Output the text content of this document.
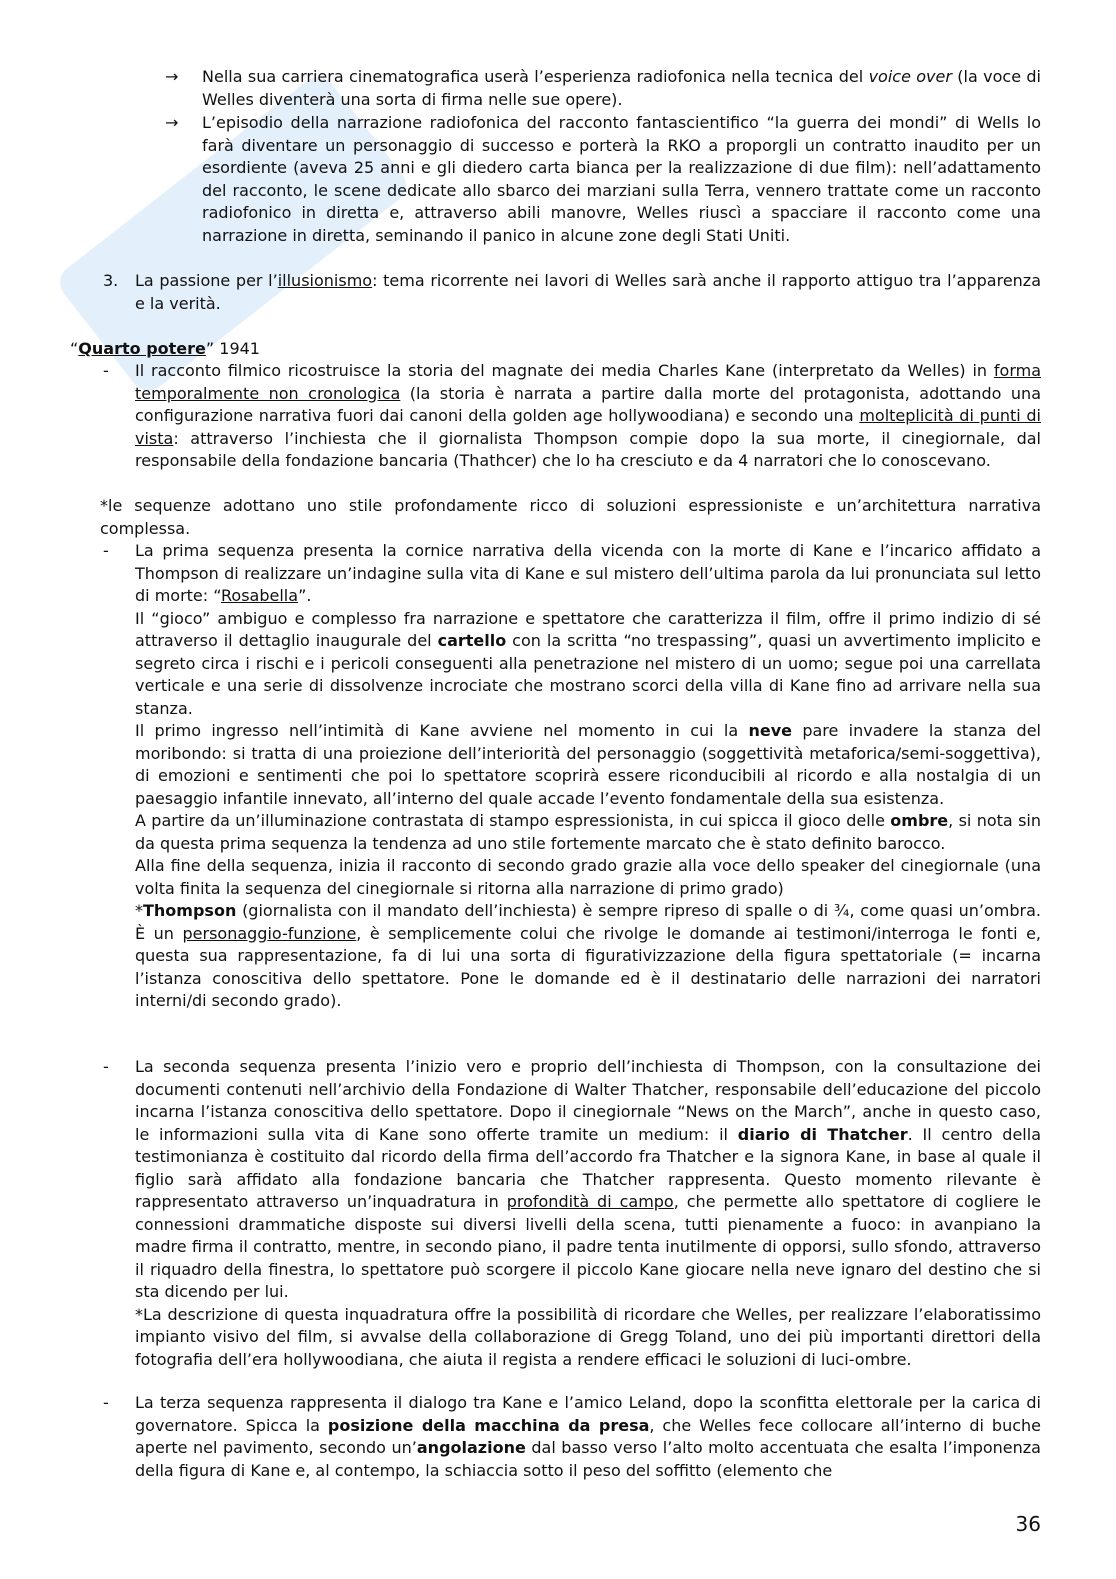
→	Nella sua carriera cinematografica userà l’esperienza radiofonica nella tecnica del voice over (la voce di Welles diventerà una sorta di firma nelle sue opere).

→	L’episodio della narrazione radiofonica del racconto fantascientifico “la guerra dei mondi” di Wells lo farà diventare un personaggio di successo e porterà la RKO a proporgli un contratto inaudito per un esordiente (aveva 25 anni e gli diedero carta bianca per la realizzazione di due film): nell’adattamento del racconto, le scene dedicate allo sbarco dei marziani sulla Terra, vennero trattate come un racconto radiofonico in diretta e, attraverso abili manovre, Welles riuscì a spacciare il racconto come una narrazione in diretta, seminando il panico in alcune zone degli Stati Uniti.

3. La passione per l’illusionismo: tema ricorrente nei lavori di Welles sarà anche il rapporto attiguo tra l’apparenza e la verità.

“Quarto potere” 1941
- Il racconto filmico ricostruisce la storia del magnate dei media Charles Kane (interpretato da Welles) in forma temporalmente non cronologica (la storia è narrata a partire dalla morte del protagonista, adottando una configurazione narrativa fuori dai canoni della golden age hollywoodiana) e secondo una molteplicità di punti di vista: attraverso l’inchiesta che il giornalista Thompson compie dopo la sua morte, il cinegiornale, dal responsabile della fondazione bancaria (Thathcer) che lo ha cresciuto e da 4 narratori che lo conoscevano.

*le sequenze adottano uno stile profondamente ricco di soluzioni espressioniste e un’architettura narrativa complessa.

- La prima sequenza presenta la cornice narrativa della vicenda con la morte di Kane e l’incarico affidato a Thompson di realizzare un’indagine sulla vita di Kane e sul mistero dell’ultima parola da lui pronunciata sul letto di morte: “Rosabella”.

Il “gioco” ambiguo e complesso fra narrazione e spettatore che caratterizza il film, offre il primo indizio di sé attraverso il dettaglio inaugurale del cartello con la scritta “no trespassing”, quasi un avvertimento implicito e segreto circa i rischi e i pericoli conseguenti alla penetrazione nel mistero di un uomo; segue poi una carrellata verticale e una serie di dissolvenze incrociate che mostrano scorci della villa di Kane fino ad arrivare nella sua stanza.

Il primo ingresso nell’intimità di Kane avviene nel momento in cui la neve pare invadere la stanza del moribondo: si tratta di una proiezione dell’interiorità del personaggio (soggettività metaforica/semi-soggettiva), di emozioni e sentimenti che poi lo spettatore scoprirà essere riconducibili al ricordo e alla nostalgia di un paesaggio infantile innevato, all’interno del quale accade l’evento fondamentale della sua esistenza.

A partire da un’illuminazione contrastata di stampo espressionista, in cui spicca il gioco delle ombre, si nota sin da questa prima sequenza la tendenza ad uno stile fortemente marcato che è stato definito barocco.

Alla fine della sequenza, inizia il racconto di secondo grado grazie alla voce dello speaker del cinegiornale (una volta finita la sequenza del cinegiornale si ritorna alla narrazione di primo grado)

*Thompson (giornalista con il mandato dell’inchiesta) è sempre ripreso di spalle o di ¾, come quasi un’ombra. È un personaggio-funzione, è semplicemente colui che rivolge le domande ai testimoni/interroga le fonti e, questa sua rappresentazione, fa di lui una sorta di figurativizzazione della figura spettatoriale (= incarna l’istanza conoscitiva dello spettatore. Pone le domande ed è il destinatario delle narrazioni dei narratori interni/di secondo grado).

- La seconda sequenza presenta l’inizio vero e proprio dell’inchiesta di Thompson, con la consultazione dei documenti contenuti nell’archivio della Fondazione di Walter Thatcher, responsabile dell’educazione del piccolo incarna l’istanza conoscitiva dello spettatore. Dopo il cinegiornale “News on the March”, anche in questo caso, le informazioni sulla vita di Kane sono offerte tramite un medium: il diario di Thatcher. Il centro della testimonianza è costituito dal ricordo della firma dell’accordo fra Thatcher e la signora Kane, in base al quale il figlio sarà affidato alla fondazione bancaria che Thatcher rappresenta. Questo momento rilevante è rappresentato attraverso un’inquadratura in profondità di campo, che permette allo spettatore di cogliere le connessioni drammatiche disposte sui diversi livelli della scena, tutti pienamente a fuoco: in avanpiano la madre firma il contratto, mentre, in secondo piano, il padre tenta inutilmente di opporsi, sullo sfondo, attraverso il riquadro della finestra, lo spettatore può scorgere il piccolo Kane giocare nella neve ignaro del destino che si sta dicendo per lui.

*La descrizione di questa inquadratura offre la possibilità di ricordare che Welles, per realizzare l’elaboratissimo impianto visivo del film, si avvalse della collaborazione di Gregg Toland, uno dei più importanti direttori della fotografia dell’era hollywoodiana, che aiuta il regista a rendere efficaci le soluzioni di luci-ombre.

- La terza sequenza rappresenta il dialogo tra Kane e l’amico Leland, dopo la sconfitta elettorale per la carica di governatore. Spicca la posizione della macchina da presa, che Welles fece collocare all’interno di buche aperte nel pavimento, secondo un’angolazione dal basso verso l’alto molto accentuata che esalta l’imponenza della figura di Kane e, al contempo, la schiaccia sotto il peso del soffitto (elemento che

36
